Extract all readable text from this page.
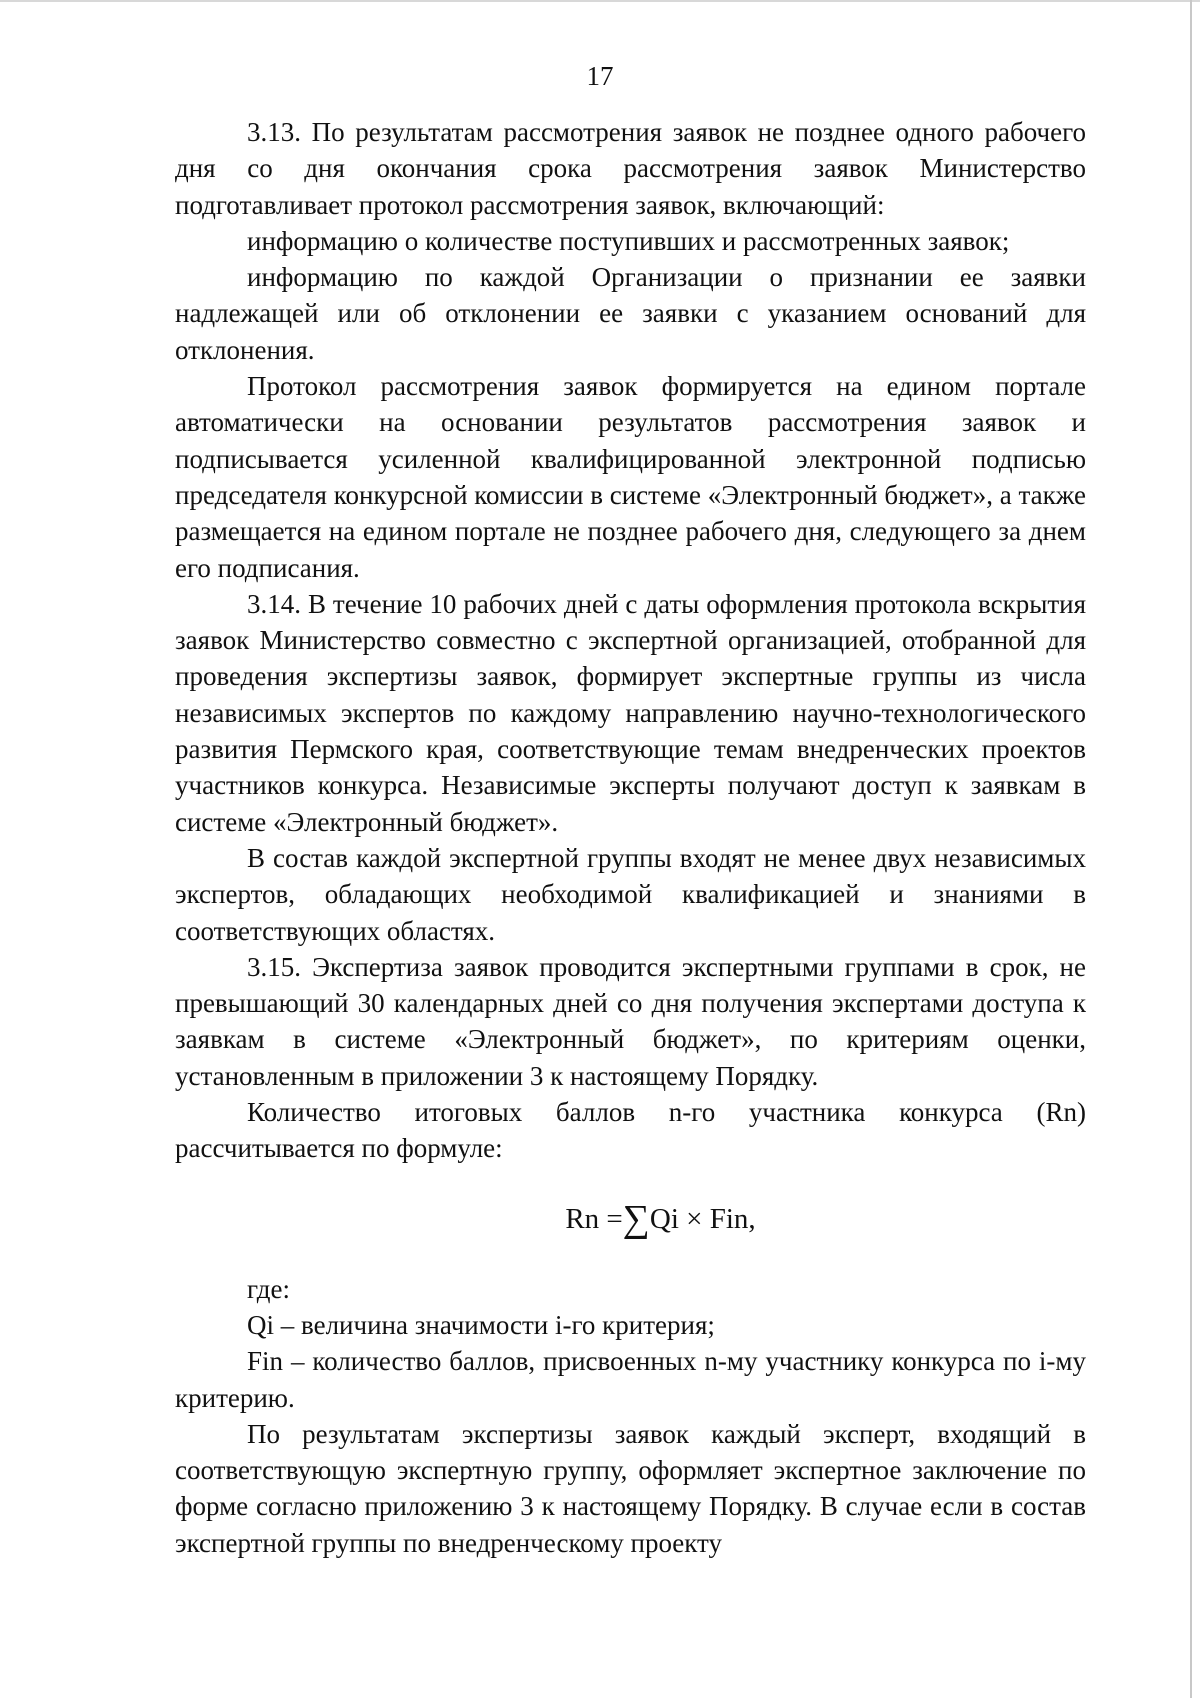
17

3.13. По результатам рассмотрения заявок не позднее одного рабочего дня со дня окончания срока рассмотрения заявок Министерство подготавливает протокол рассмотрения заявок, включающий:

информацию о количестве поступивших и рассмотренных заявок;

информацию по каждой Организации о признании ее заявки надлежащей или об отклонении ее заявки с указанием оснований для отклонения.

Протокол рассмотрения заявок формируется на едином портале автоматически на основании результатов рассмотрения заявок и подписывается усиленной квалифицированной электронной подписью председателя конкурсной комиссии в системе «Электронный бюджет», а также размещается на едином портале не позднее рабочего дня, следующего за днем его подписания.

3.14. В течение 10 рабочих дней с даты оформления протокола вскрытия заявок Министерство совместно с экспертной организацией, отобранной для проведения экспертизы заявок, формирует экспертные группы из числа независимых экспертов по каждому направлению научно-технологического развития Пермского края, соответствующие темам внедренческих проектов участников конкурса. Независимые эксперты получают доступ к заявкам в системе «Электронный бюджет».

В состав каждой экспертной группы входят не менее двух независимых экспертов, обладающих необходимой квалификацией и знаниями в соответствующих областях.

3.15. Экспертиза заявок проводится экспертными группами в срок, не превышающий 30 календарных дней со дня получения экспертами доступа к заявкам в системе «Электронный бюджет», по критериям оценки, установленным в приложении 3 к настоящему Порядку.

Количество итоговых баллов n-го участника конкурса (Rn) рассчитывается по формуле:

Rn =∑Qi × Fin,

где:

Qi – величина значимости i-го критерия;

Fin – количество баллов, присвоенных n-му участнику конкурса по i-му критерию.

По результатам экспертизы заявок каждый эксперт, входящий в соответствующую экспертную группу, оформляет экспертное заключение по форме согласно приложению 3 к настоящему Порядку. В случае если в состав экспертной группы по внедренческому проекту
